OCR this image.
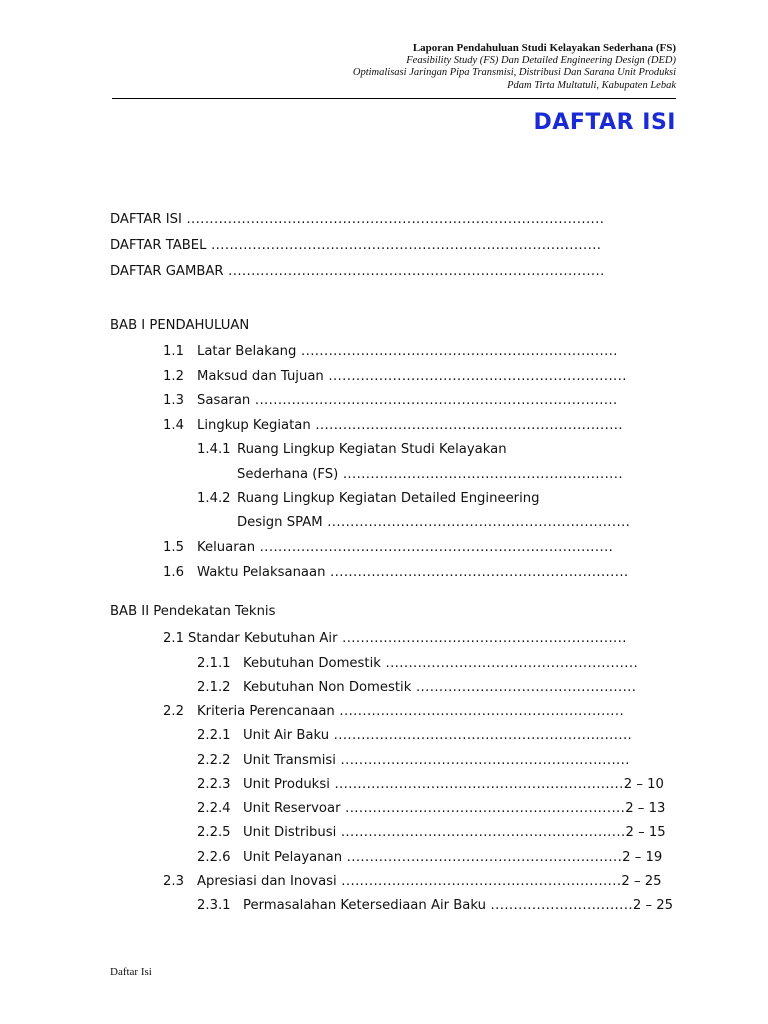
Laporan Pendahuluan Studi Kelayakan Sederhana (FS)
Feasibility Study (FS) Dan Detailed Engineering Design (DED)
Optimalisasi Jaringan Pipa Transmisi, Distribusi Dan Sarana Unit Produksi
Pdam Tirta Multatuli, Kabupaten Lebak
DAFTAR ISI
DAFTAR ISI ...........................................................................................
DAFTAR TABEL .....................................................................................
DAFTAR GAMBAR ..................................................................................
BAB I PENDAHULUAN
1.1 Latar Belakang .....................................................................
1.2 Maksud dan Tujuan .................................................................
1.3 Sasaran ...............................................................................
1.4 Lingkup Kegiatan ...................................................................
1.4.1 Ruang Lingkup Kegiatan Studi Kelayakan
Sederhana (FS) .............................................................
1.4.2 Ruang Lingkup Kegiatan Detailed Engineering
Design SPAM ..................................................................
1.5 Keluaran .............................................................................
1.6 Waktu Pelaksanaan .................................................................
BAB II Pendekatan Teknis
2.1 Standar Kebutuhan Air ..............................................................
2.1.1 Kebutuhan Domestik .......................................................
2.1.2 Kebutuhan Non Domestik ................................................
2.2 Kriteria Perencanaan ..............................................................
2.2.1 Unit Air Baku .................................................................
2.2.2 Unit Transmisi ...............................................................
2.2.3 Unit Produksi ...............................................................2 – 10
2.2.4 Unit Reservoar .............................................................2 – 13
2.2.5 Unit Distribusi ..............................................................2 – 15
2.2.6 Unit Pelayanan ............................................................2 – 19
2.3 Apresiasi dan Inovasi .............................................................2 – 25
2.3.1 Permasalahan Ketersediaan Air Baku ...............................2 – 25
Daftar Isi
